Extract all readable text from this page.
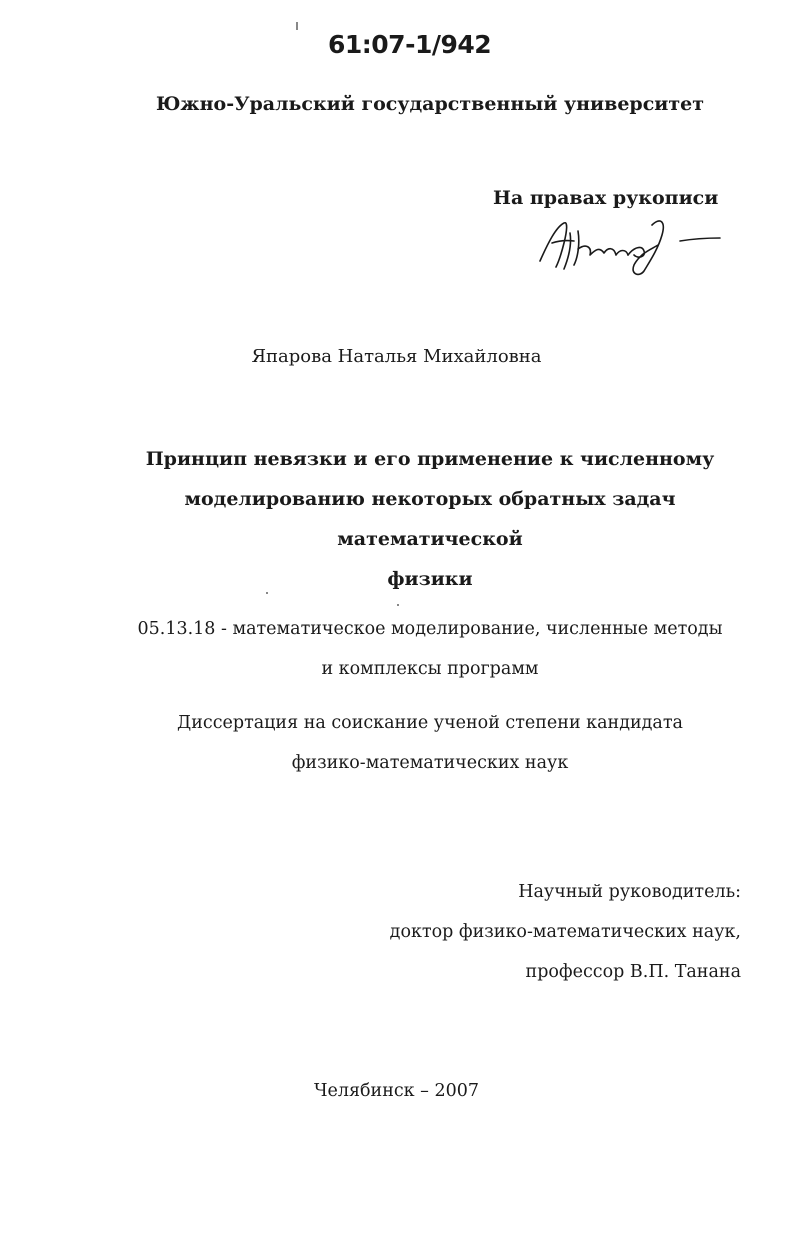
61:07-1/942
Южно-Уральский государственный университет
На правах рукописи
Япарова Наталья Михайловна
Принцип невязки и его применение к численному
моделированию некоторых обратных задач математической
физики
05.13.18 - математическое моделирование, численные методы
и комплексы программ
Диссертация на соискание ученой степени кандидата
физико-математических наук
Научный руководитель:
доктор физико-математических наук,
профессор В.П. Танана
Челябинск – 2007
